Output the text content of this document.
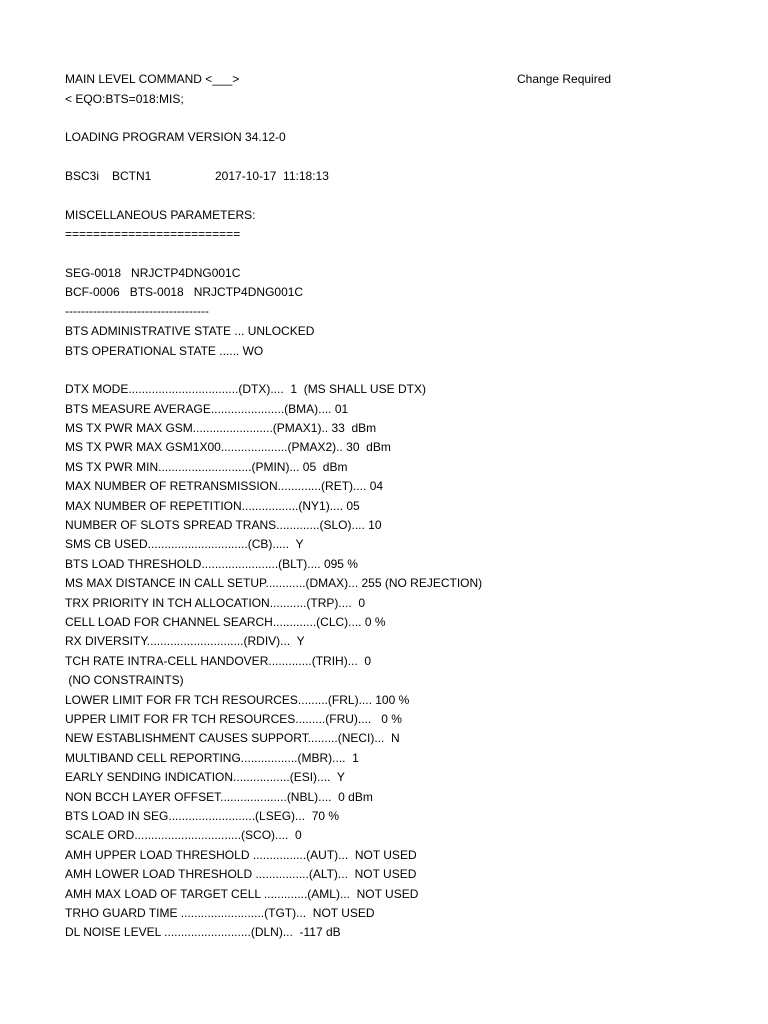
MAIN LEVEL COMMAND <___>	Change Required
< EQO:BTS=018:MIS;
LOADING PROGRAM VERSION 34.12-0
BSC3i BCTN1	2017-10-17  11:18:13
MISCELLANEOUS PARAMETERS:
=========================
SEG-0018   NRJCTP4DNG001C
BCF-0006   BTS-0018   NRJCTP4DNG001C
------------------------------------
BTS ADMINISTRATIVE STATE ... UNLOCKED
BTS OPERATIONAL STATE ...... WO
DTX MODE.................................(DTX)....  1  (MS SHALL USE DTX)
BTS MEASURE AVERAGE......................(BMA).... 01
MS TX PWR MAX GSM........................(PMAX1).. 33  dBm
MS TX PWR MAX GSM1X00....................(PMAX2).. 30  dBm
MS TX PWR MIN............................(PMIN)... 05  dBm
MAX NUMBER OF RETRANSMISSION.............(RET).... 04
MAX NUMBER OF REPETITION.................(NY1).... 05
NUMBER OF SLOTS SPREAD TRANS.............(SLO).... 10
SMS CB USED..............................(CB).....  Y
BTS LOAD THRESHOLD.......................(BLT).... 095 %
MS MAX DISTANCE IN CALL SETUP............(DMAX)... 255 (NO REJECTION)
TRX PRIORITY IN TCH ALLOCATION...........(TRP)....  0
CELL LOAD FOR CHANNEL SEARCH.............(CLC).... 0 %
RX DIVERSITY.............................(RDIV)...  Y
TCH RATE INTRA-CELL HANDOVER.............(TRIH)...  0
(NO CONSTRAINTS)
LOWER LIMIT FOR FR TCH RESOURCES.........(FRL).... 100 %
UPPER LIMIT FOR FR TCH RESOURCES.........(FRU)....   0 %
NEW ESTABLISHMENT CAUSES SUPPORT.........(NECI)...  N
MULTIBAND CELL REPORTING.................(MBR)....  1
EARLY SENDING INDICATION.................(ESI)....  Y
NON BCCH LAYER OFFSET....................(NBL)....  0 dBm
BTS LOAD IN SEG..........................(LSEG)...  70 %
SCALE ORD................................(SCO)....  0
AMH UPPER LOAD THRESHOLD ................(AUT)...  NOT USED
AMH LOWER LOAD THRESHOLD ................(ALT)...  NOT USED
AMH MAX LOAD OF TARGET CELL .............(AML)...  NOT USED
TRHO GUARD TIME .........................(TGT)...  NOT USED
DL NOISE LEVEL ..........................(DLN)...  -117 dB
